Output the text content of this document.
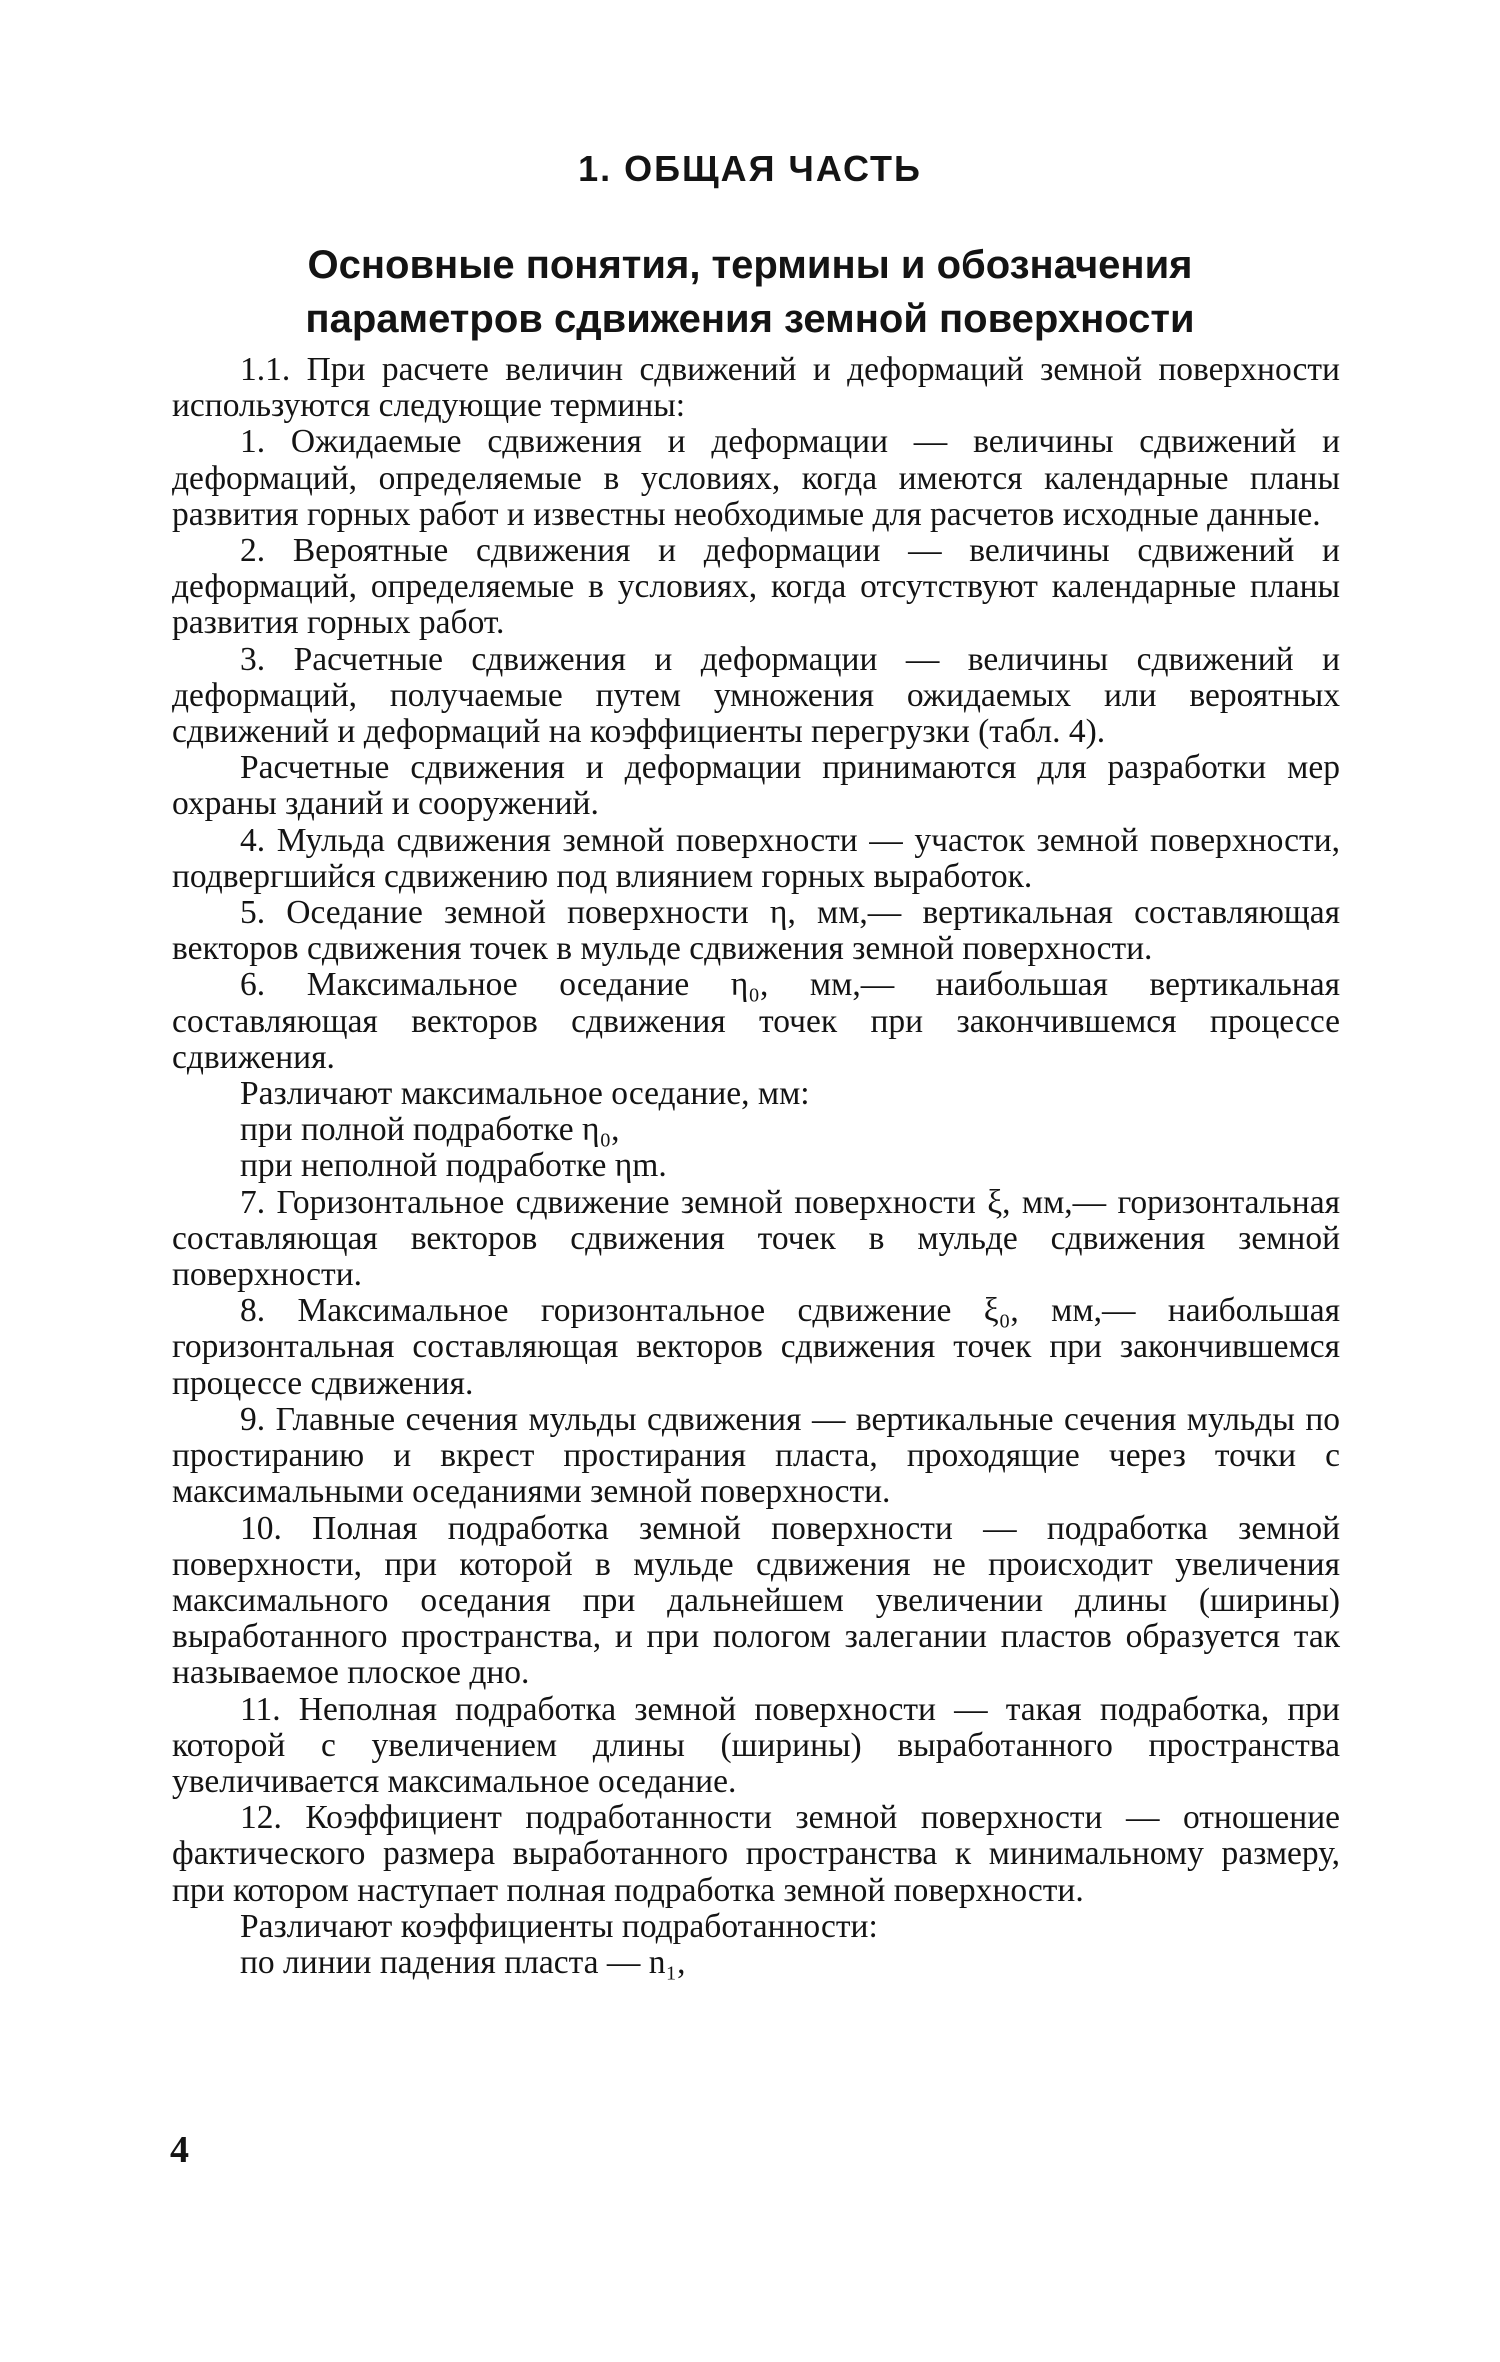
1. ОБЩАЯ ЧАСТЬ
Основные понятия, термины и обозначения
параметров сдвижения земной поверхности

1.1. При расчете величин сдвижений и деформаций земной поверхности используются следующие термины:

1. Ожидаемые сдвижения и деформации — величины сдвижений и деформаций, определяемые в условиях, когда имеются календарные планы развития горных работ и известны необходимые для расчетов исходные данные.

2. Вероятные сдвижения и деформации — величины сдвижений и деформаций, определяемые в условиях, когда отсутствуют календарные планы развития горных работ.

3. Расчетные сдвижения и деформации — величины сдвижений и деформаций, получаемые путем умножения ожидаемых или вероятных сдвижений и деформаций на коэффициенты перегрузки (табл. 4).

Расчетные сдвижения и деформации принимаются для разработки мер охраны зданий и сооружений.

4. Мульда сдвижения земной поверхности — участок земной поверхности, подвергшийся сдвижению под влиянием горных выработок.

5. Оседание земной поверхности η, мм,— вертикальная составляющая векторов сдвижения точек в мульде сдвижения земной поверхности.

6. Максимальное оседание η₀, мм,— наибольшая вертикальная составляющая векторов сдвижения точек при закончившемся процессе сдвижения.

Различают максимальное оседание, мм:

при полной подработке η₀,

при неполной подработке ηm.

7. Горизонтальное сдвижение земной поверхности ξ, мм,— горизонтальная составляющая векторов сдвижения точек в мульде сдвижения земной поверхности.

8. Максимальное горизонтальное сдвижение ξ₀, мм,— наибольшая горизонтальная составляющая векторов сдвижения точек при закончившемся процессе сдвижения.

9. Главные сечения мульды сдвижения — вертикальные сечения мульды по простиранию и вкрест простирания пласта, проходящие через точки с максимальными оседаниями земной поверхности.

10. Полная подработка земной поверхности — подработка земной поверхности, при которой в мульде сдвижения не происходит увеличения максимального оседания при дальнейшем увеличении длины (ширины) выработанного пространства, и при пологом залегании пластов образуется так называемое плоское дно.

11. Неполная подработка земной поверхности — такая подработка, при которой с увеличением длины (ширины) выработанного пространства увеличивается максимальное оседание.

12. Коэффициент подработанности земной поверхности — отношение фактического размера выработанного пространства к минимальному размеру, при котором наступает полная подработка земной поверхности.

Различают коэффициенты подработанности:

по линии падения пласта — n₁,

4
